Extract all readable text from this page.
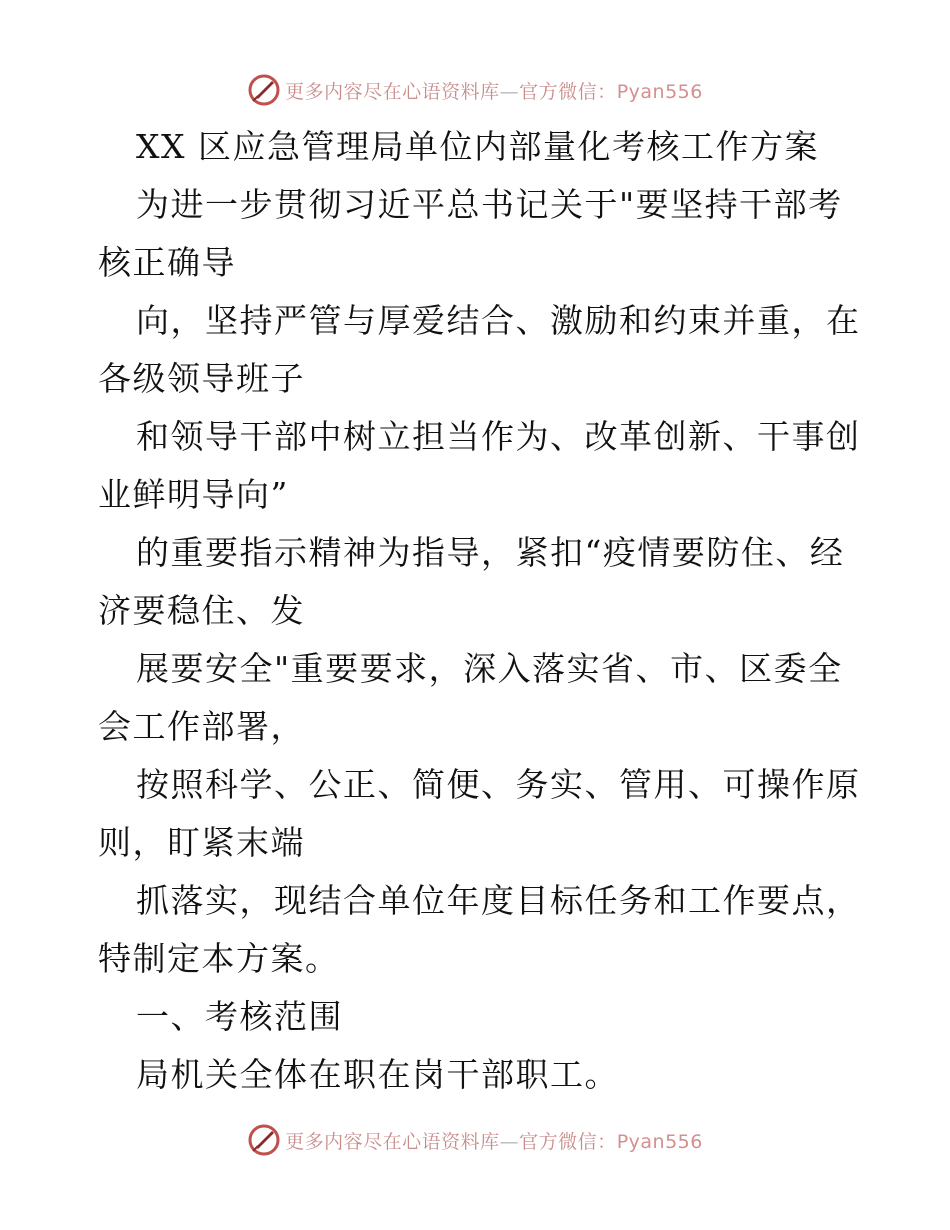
更多内容尽在心语资料库—官方微信：Pyan556
XX 区应急管理局单位内部量化考核工作方案
为进一步贯彻习近平总书记关于"要坚持干部考
核正确导
向，坚持严管与厚爱结合、激励和约束并重，在
各级领导班子
和领导干部中树立担当作为、改革创新、干事创
业鲜明导向”
的重要指示精神为指导，紧扣“疫情要防住、经
济要稳住、发
展要安全"重要要求，深入落实省、市、区委全
会工作部署，
按照科学、公正、简便、务实、管用、可操作原
则，盯紧末端
抓落实，现结合单位年度目标任务和工作要点，
特制定本方案。
一、考核范围
局机关全体在职在岗干部职工。
更多内容尽在心语资料库—官方微信：Pyan556
